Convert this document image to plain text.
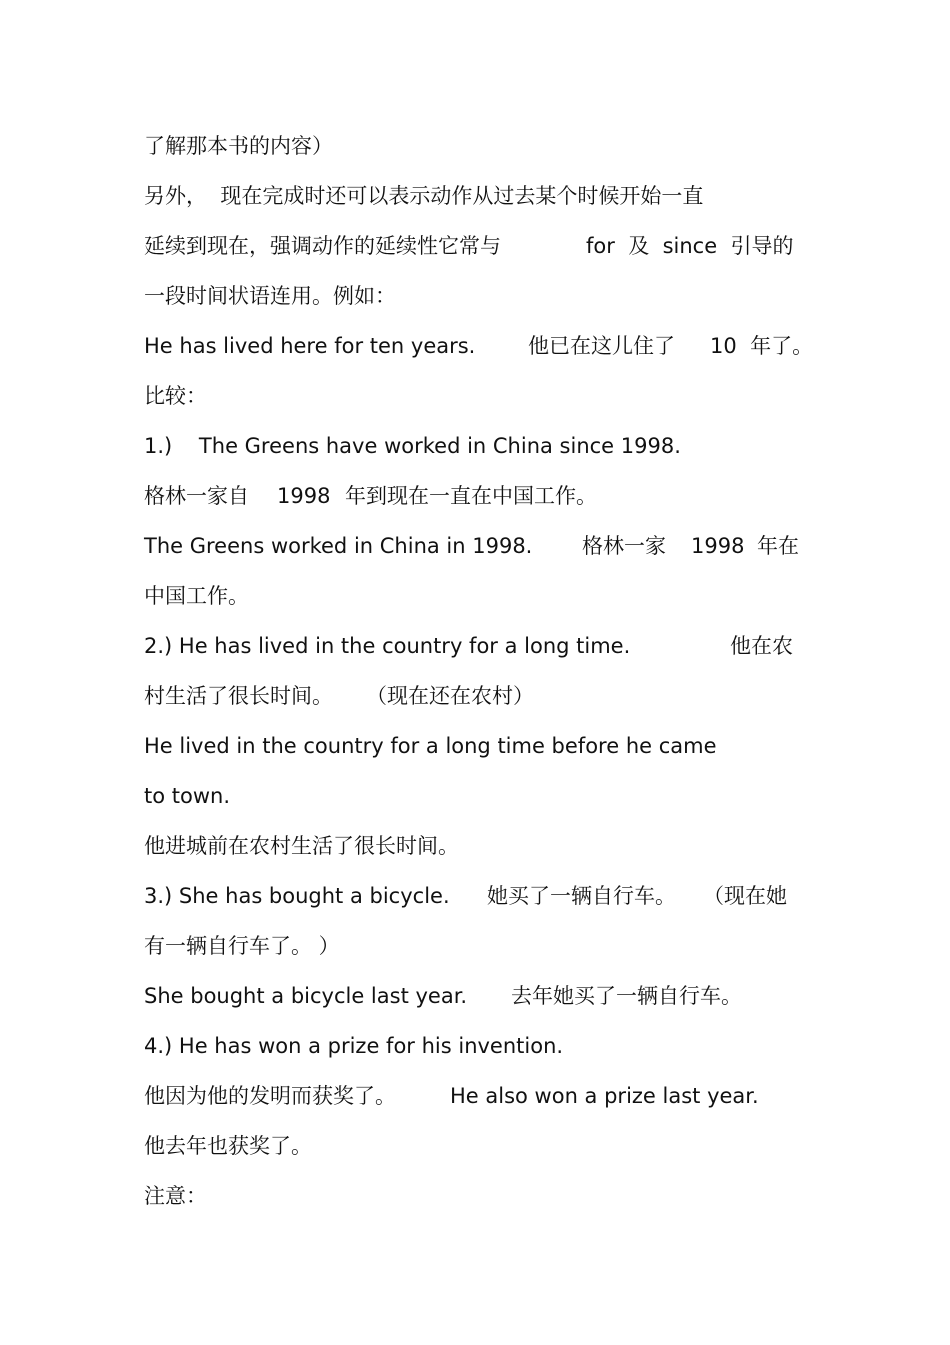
了解那本书的内容）

另外，  现在完成时还可以表示动作从过去某个时候开始一直

延续到现在，强调动作的延续性它常与

	for  及  since  引导的

一段时间状语连用。例如：

He has lived here for ten years.

	他已在这儿住了

10  年了。

比较：

1.)    The Greens have worked in China since 1998.

格林一家自

1998

年到现在一直在中国工作。

The Greens worked in China in 1998.

格林一家

1998

年在

中国工作。

2.) He has lived in the country for a long time.

	他在农

村生活了很长时间。

（现在还在农村）

He lived in the country for a long time before he came

to town.

他进城前在农村生活了很长时间。

3.) She has bought a bicycle.

她买了一辆自行车。

（现在她

有一辆自行车了。 ）

She bought a bicycle last year.

去年她买了一辆自行车。

4.) He has won a prize for his invention.

他因为他的发明而获奖了。

	He also won a prize last year.

他去年也获奖了。

注意：
